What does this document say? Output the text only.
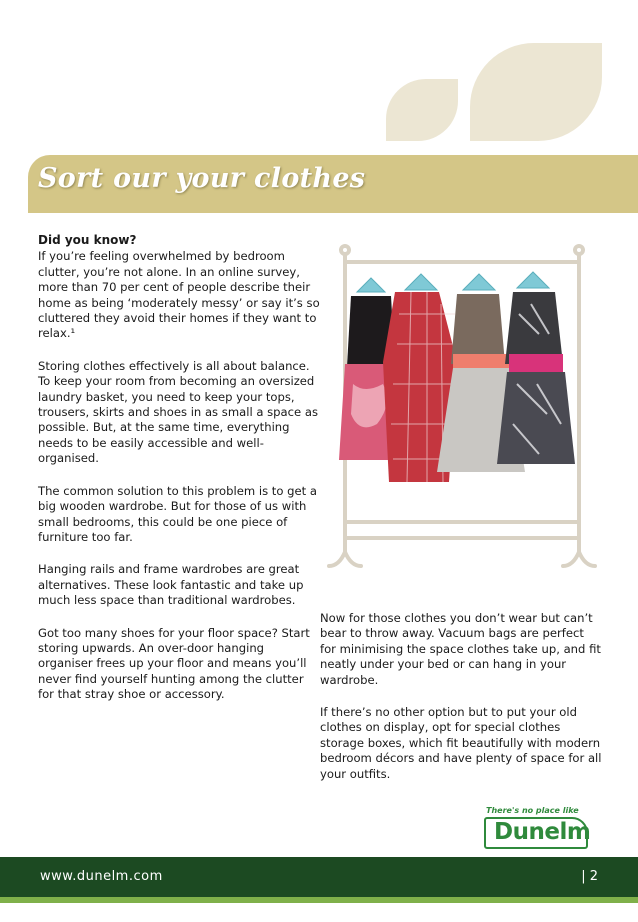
Sort our your clothes
Did you know?

If you’re feeling overwhelmed by bedroom clutter, you’re not alone. In an online survey, more than 70 per cent of people describe their home as being ‘moderately messy’ or say it’s so cluttered they avoid their homes if they want to relax.¹

Storing clothes effectively is all about balance. To keep your room from becoming an oversized laundry basket, you need to keep your tops, trousers, skirts and shoes in as small a space as possible. But, at the same time, everything needs to be easily accessible and well-organised.

The common solution to this problem is to get a big wooden wardrobe. But for those of us with small bedrooms, this could be one piece of furniture too far.

Hanging rails and frame wardrobes are great alternatives. These look fantastic and take up much less space than traditional wardrobes.

Got too many shoes for your floor space? Start storing upwards. An over-door hanging organiser frees up your floor and means you’ll never find yourself hunting among the clutter for that stray shoe or accessory.

Now for those clothes you don’t wear but can’t bear to throw away. Vacuum bags are perfect for minimising the space clothes take up, and fit neatly under your bed or can hang in your wardrobe.

If there’s no other option but to put your old clothes on display, opt for special clothes storage boxes, which fit beautifully with modern bedroom décors and have plenty of space for all your outfits.

There's no place like
Dunelm
www.dunelm.com	| 2
